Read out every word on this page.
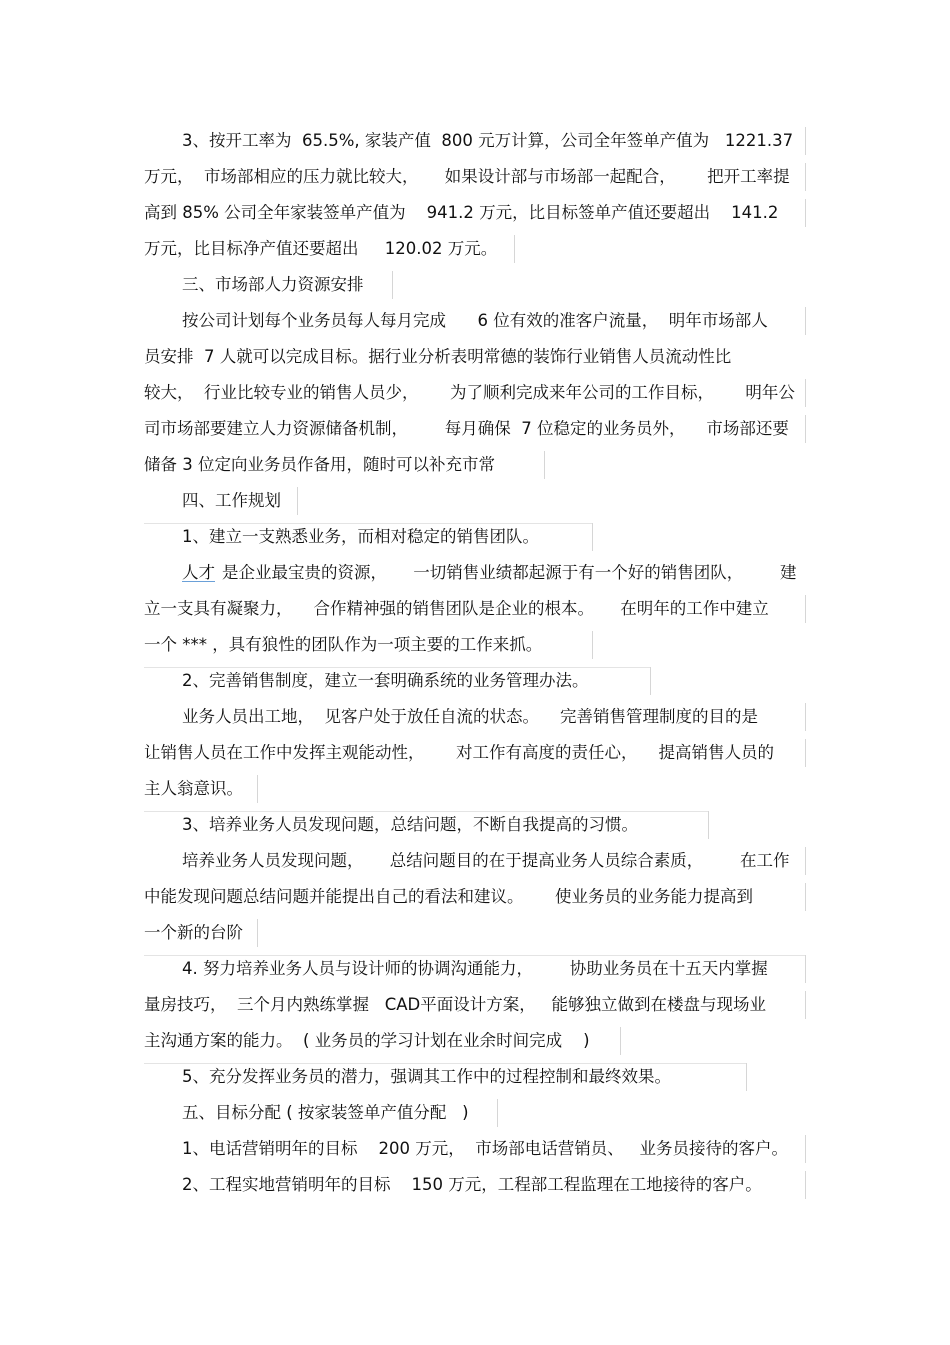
3、按开工率为  65.5%, 家装产值  800 元万计算，公司全年签单产值为   1221.37
万元，  市场部相应的压力就比较大，     如果设计部与市场部一起配合，      把开工率提
高到 85% 公司全年家装签单产值为    941.2 万元，比目标签单产值还要超出    141.2
万元，比目标净产值还要超出     120.02 万元。
三、市场部人力资源安排
按公司计划每个业务员每人每月完成      6 位有效的准客户流量，  明年市场部人
员安排  7 人就可以完成目标。据行业分析表明常德的装饰行业销售人员流动性比
较大，  行业比较专业的销售人员少，      为了顺利完成来年公司的工作目标，      明年公
司市场部要建立人力资源储备机制，       每月确保  7 位稳定的业务员外，    市场部还要
储备 3 位定向业务员作备用，随时可以补充市常
四、工作规划
1、建立一支熟悉业务，而相对稳定的销售团队。
人才 是企业最宝贵的资源，     一切销售业绩都起源于有一个好的销售团队，       建
立一支具有凝聚力，    合作精神强的销售团队是企业的根本。     在明年的工作中建立
一个 *** ，具有狼性的团队作为一项主要的工作来抓。
2、完善销售制度，建立一套明确系统的业务管理办法。
业务人员出工地，  见客户处于放任自流的状态。    完善销售管理制度的目的是
让销售人员在工作中发挥主观能动性，      对工作有高度的责任心，    提高销售人员的
主人翁意识。
3、培养业务人员发现问题，总结问题，不断自我提高的习惯。
培养业务人员发现问题，     总结问题目的在于提高业务人员综合素质，       在工作
中能发现问题总结问题并能提出自己的看法和建议。      使业务员的业务能力提高到
一个新的台阶
4. 努力培养业务人员与设计师的协调沟通能力，       协助业务员在十五天内掌握
量房技巧，  三个月内熟练掌握   CAD平面设计方案，   能够独立做到在楼盘与现场业
主沟通方案的能力。  ( 业务员的学习计划在业余时间完成    )
5、充分发挥业务员的潜力，强调其工作中的过程控制和最终效果。
五、目标分配 ( 按家装签单产值分配   )
1、电话营销明年的目标    200 万元，  市场部电话营销员、   业务员接待的客户。
2、工程实地营销明年的目标    150 万元，工程部工程监理在工地接待的客户。
